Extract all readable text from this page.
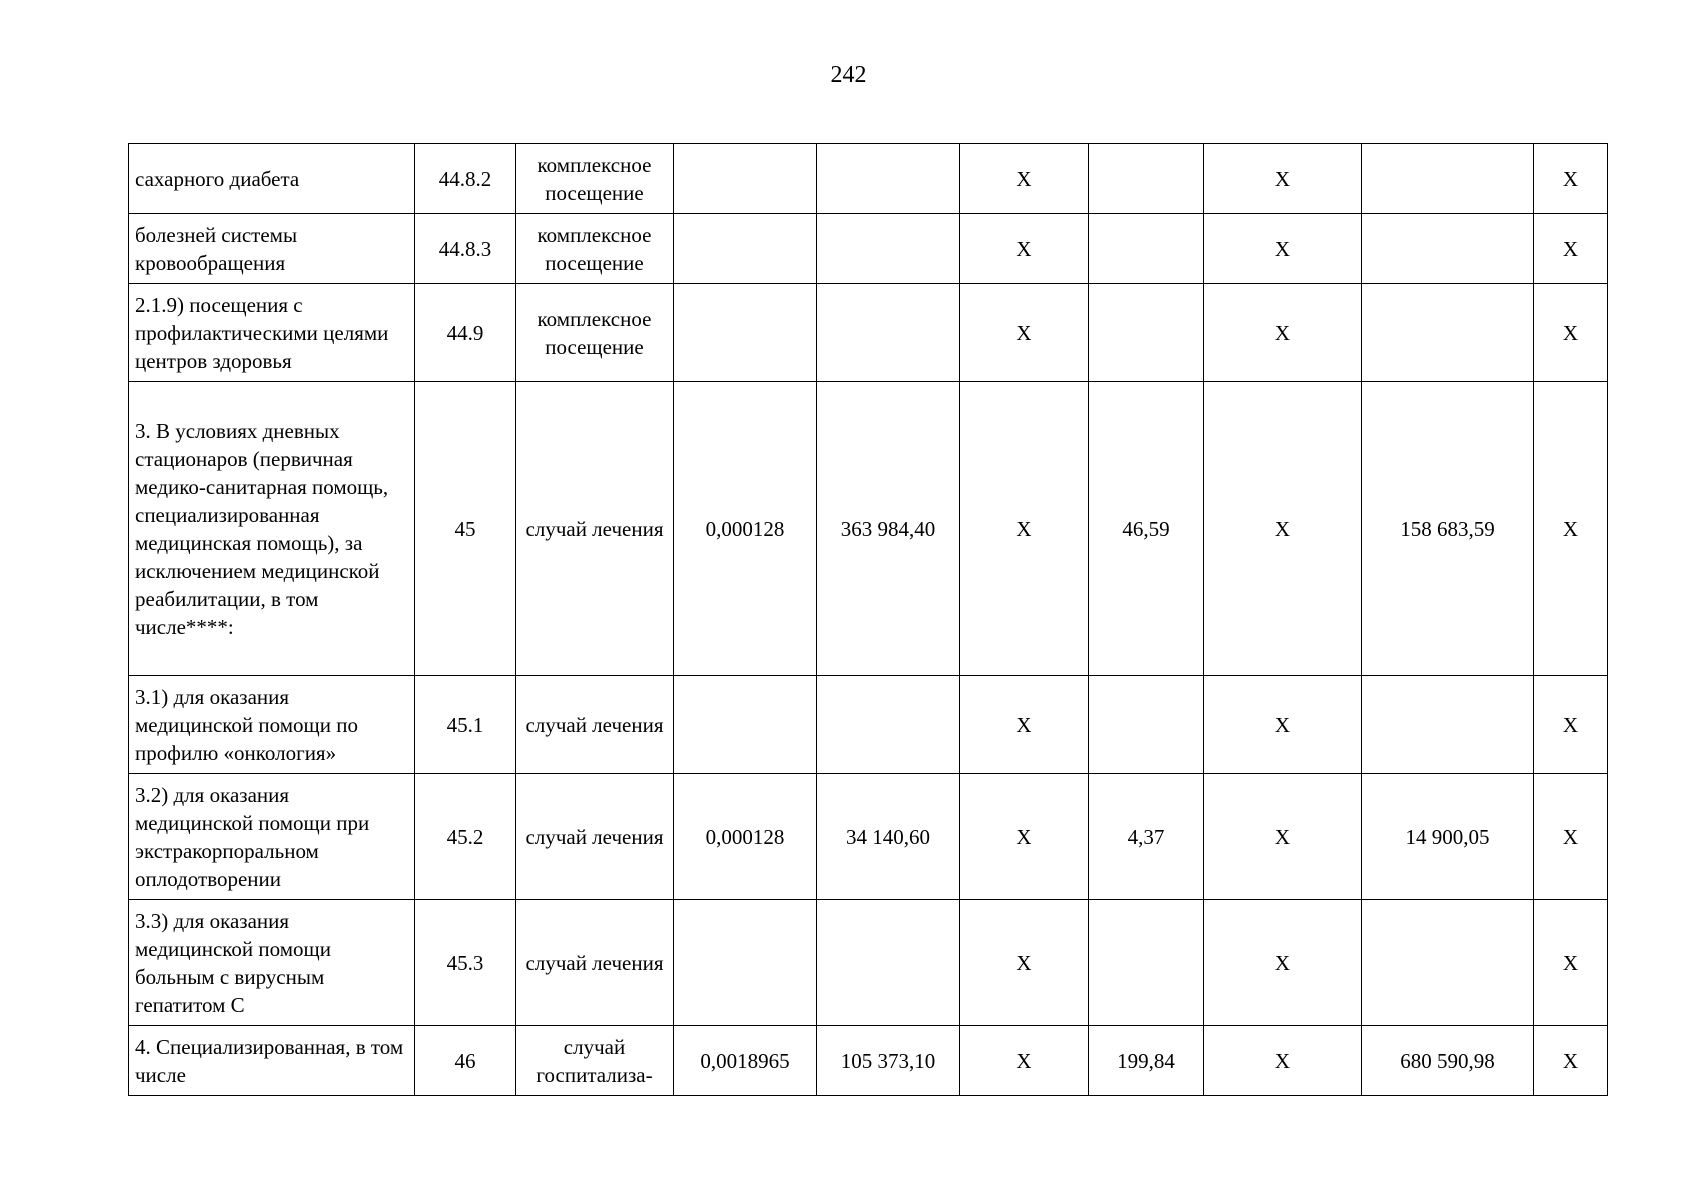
242
сахарного диабета	44.8.2	комплексное посещение			Х		Х		Х
болезней системы кровообращения	44.8.3	комплексное посещение			Х		Х		Х
2.1.9) посещения с профилактическими целями центров здоровья	44.9	комплексное посещение			Х		Х		Х
3. В условиях дневных стационаров (первичная медико-санитарная помощь, специализированная медицинская помощь), за исключением медицинской реабилитации, в том числе****:	45	случай лечения	0,000128	363 984,40	Х	46,59	Х	158 683,59	Х
3.1) для оказания медицинской помощи по профилю «онкология»	45.1	случай лечения			Х		Х		Х
3.2) для оказания медицинской помощи при экстракорпоральном оплодотворении	45.2	случай лечения	0,000128	34 140,60	Х	4,37	Х	14 900,05	Х
3.3) для оказания медицинской помощи больным с вирусным гепатитом С	45.3	случай лечения			Х		Х		Х
4. Специализированная, в том числе	46	случай госпитализа-	0,0018965	105 373,10	Х	199,84	Х	680 590,98	Х
